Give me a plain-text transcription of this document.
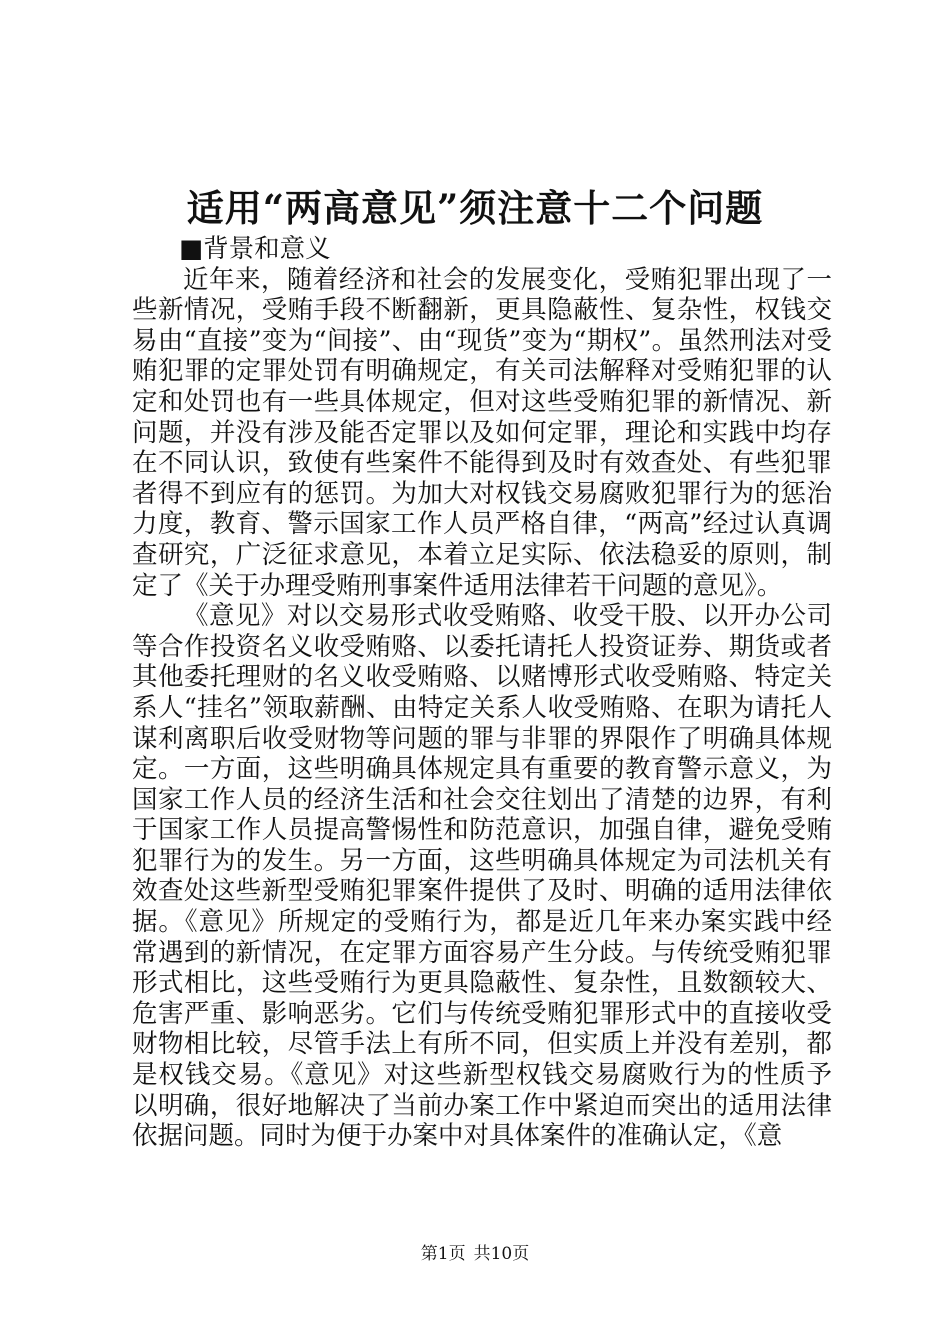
适用“两高意见”须注意十二个问题
■背景和意义

近年来，随着经济和社会的发展变化，受贿犯罪出现了一些新情况，受贿手段不断翻新，更具隐蔽性、复杂性，权钱交易由“直接”变为“间接”、由“现货”变为“期权”。虽然刑法对受贿犯罪的定罪处罚有明确规定，有关司法解释对受贿犯罪的认定和处罚也有一些具体规定，但对这些受贿犯罪的新情况、新问题，并没有涉及能否定罪以及如何定罪，理论和实践中均存在不同认识，致使有些案件不能得到及时有效查处、有些犯罪者得不到应有的惩罚。为加大对权钱交易腐败犯罪行为的惩治力度，教育、警示国家工作人员严格自律，“两高”经过认真调查研究，广泛征求意见，本着立足实际、依法稳妥的原则，制定了《关于办理受贿刑事案件适用法律若干问题的意见》。

《意见》对以交易形式收受贿赂、收受干股、以开办公司等合作投资名义收受贿赂、以委托请托人投资证券、期货或者其他委托理财的名义收受贿赂、以赌博形式收受贿赂、特定关系人“挂名”领取薪酬、由特定关系人收受贿赂、在职为请托人谋利离职后收受财物等问题的罪与非罪的界限作了明确具体规定。一方面，这些明确具体规定具有重要的教育警示意义，为国家工作人员的经济生活和社会交往划出了清楚的边界，有利于国家工作人员提高警惕性和防范意识，加强自律，避免受贿犯罪行为的发生。另一方面，这些明确具体规定为司法机关有效查处这些新型受贿犯罪案件提供了及时、明确的适用法律依据。《意见》所规定的受贿行为，都是近几年来办案实践中经常遇到的新情况，在定罪方面容易产生分歧。与传统受贿犯罪形式相比，这些受贿行为更具隐蔽性、复杂性，且数额较大、危害严重、影响恶劣。它们与传统受贿犯罪形式中的直接收受财物相比较，尽管手法上有所不同，但实质上并没有差别，都是权钱交易。《意见》对这些新型权钱交易腐败行为的性质予以明确，很好地解决了当前办案工作中紧迫而突出的适用法律依据问题。同时为便于办案中对具体案件的准确认定，《意

第1页 共10页
